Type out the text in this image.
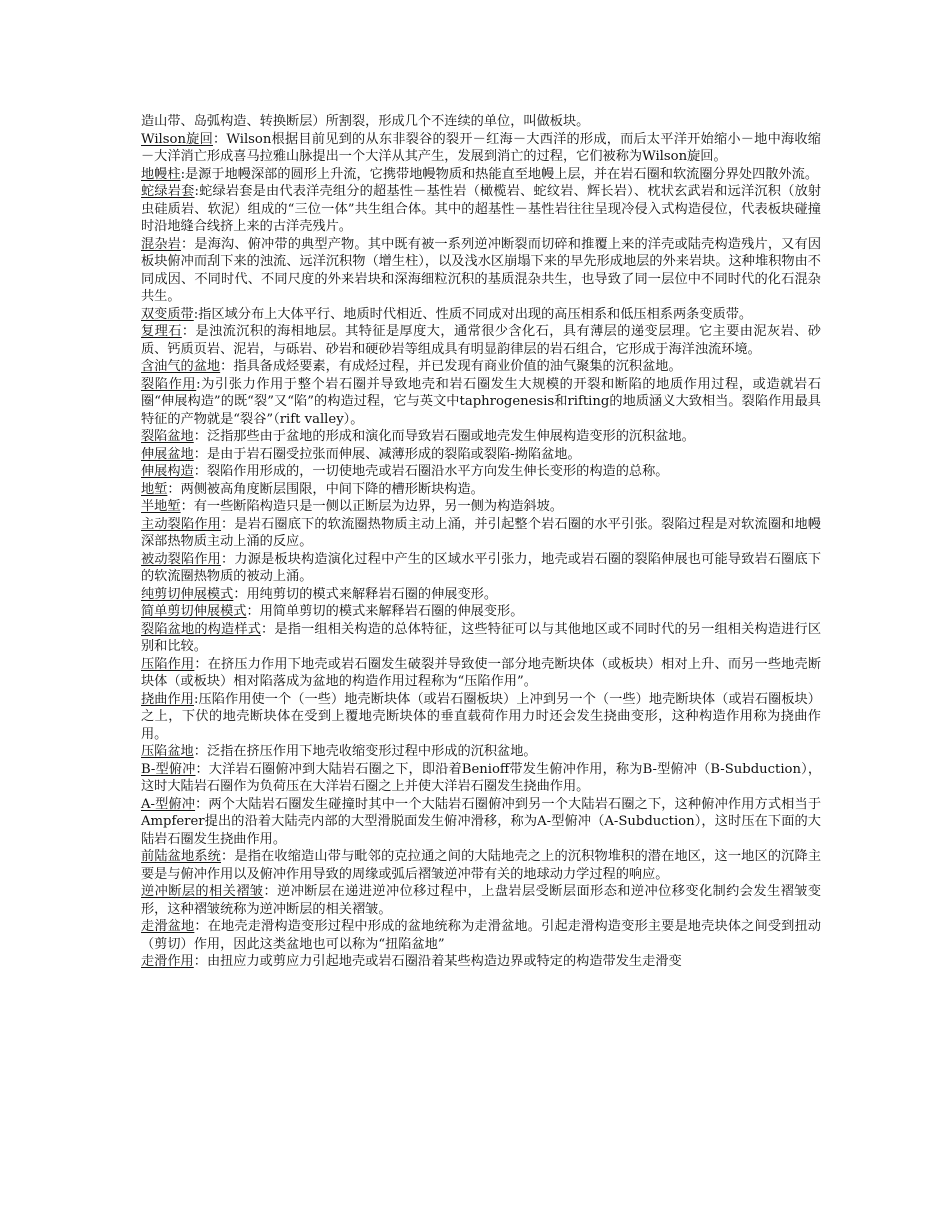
造山带、岛弧构造、转换断层）所割裂，形成几个不连续的单位，叫做板块。

Wilson旋回：Wilson根据目前见到的从东非裂谷的裂开－红海－大西洋的形成，而后太平洋开始缩小－地中海收缩－大洋消亡形成喜马拉雅山脉提出一个大洋从其产生，发展到消亡的过程，它们被称为Wilson旋回。

地幔柱:是源于地幔深部的圆形上升流，它携带地幔物质和热能直至地幔上层，并在岩石圈和软流圈分界处四散外流。

蛇绿岩套:蛇绿岩套是由代表洋壳组分的超基性－基性岩（橄榄岩、蛇纹岩、辉长岩）、枕状玄武岩和远洋沉积（放射虫硅质岩、软泥）组成的“三位一体”共生组合体。其中的超基性－基性岩往往呈现冷侵入式构造侵位，代表板块碰撞时沿地缝合线挤上来的古洋壳残片。

混杂岩：是海沟、俯冲带的典型产物。其中既有被一系列逆冲断裂而切碎和推覆上来的洋壳或陆壳构造残片，又有因板块俯冲而刮下来的浊流、远洋沉积物（增生柱），以及浅水区崩塌下来的早先形成地层的外来岩块。这种堆积物由不同成因、不同时代、不同尺度的外来岩块和深海细粒沉积的基质混杂共生，也导致了同一层位中不同时代的化石混杂共生。

双变质带:指区域分布上大体平行、地质时代相近、性质不同成对出现的高压相系和低压相系两条变质带。

复理石：是浊流沉积的海相地层。其特征是厚度大，通常很少含化石，具有薄层的递变层理。它主要由泥灰岩、砂质、钙质页岩、泥岩，与砾岩、砂岩和硬砂岩等组成具有明显韵律层的岩石组合，它形成于海洋浊流环境。

含油气的盆地：指具备成烃要素，有成烃过程，并已发现有商业价值的油气聚集的沉积盆地。

裂陷作用:为引张力作用于整个岩石圈并导致地壳和岩石圈发生大规模的开裂和断陷的地质作用过程，或造就岩石圈“伸展构造”的既“裂”又“陷”的构造过程，它与英文中taphrogenesis和rifting的地质涵义大致相当。裂陷作用最具特征的产物就是“裂谷”（rift valley）。

裂陷盆地：泛指那些由于盆地的形成和演化而导致岩石圈或地壳发生伸展构造变形的沉积盆地。

伸展盆地：是由于岩石圈受拉张而伸展、减薄形成的裂陷或裂陷-拗陷盆地。

伸展构造：裂陷作用形成的，一切使地壳或岩石圈沿水平方向发生伸长变形的构造的总称。

地堑：两侧被高角度断层围限，中间下降的槽形断块构造。

半地堑：有一些断陷构造只是一侧以正断层为边界，另一侧为构造斜坡。

主动裂陷作用：是岩石圈底下的软流圈热物质主动上涌，并引起整个岩石圈的水平引张。裂陷过程是对软流圈和地幔深部热物质主动上涌的反应。

被动裂陷作用：力源是板块构造演化过程中产生的区域水平引张力，地壳或岩石圈的裂陷伸展也可能导致岩石圈底下的软流圈热物质的被动上涌。

纯剪切伸展模式：用纯剪切的模式来解释岩石圈的伸展变形。

简单剪切伸展模式：用简单剪切的模式来解释岩石圈的伸展变形。

裂陷盆地的构造样式：是指一组相关构造的总体特征，这些特征可以与其他地区或不同时代的另一组相关构造进行区别和比较。

压陷作用：在挤压力作用下地壳或岩石圈发生破裂并导致使一部分地壳断块体（或板块）相对上升、而另一些地壳断块体（或板块）相对陷落成为盆地的构造作用过程称为“压陷作用”。

挠曲作用:压陷作用使一个（一些）地壳断块体（或岩石圈板块）上冲到另一个（一些）地壳断块体（或岩石圈板块）之上，下伏的地壳断块体在受到上覆地壳断块体的垂直载荷作用力时还会发生挠曲变形，这种构造作用称为挠曲作用。

压陷盆地：泛指在挤压作用下地壳收缩变形过程中形成的沉积盆地。

B-型俯冲：大洋岩石圈俯冲到大陆岩石圈之下，即沿着Benioff带发生俯冲作用，称为B-型俯冲（B-Subduction），这时大陆岩石圈作为负荷压在大洋岩石圈之上并使大洋岩石圈发生挠曲作用。

A-型俯冲：两个大陆岩石圈发生碰撞时其中一个大陆岩石圈俯冲到另一个大陆岩石圈之下，这种俯冲作用方式相当于Ampferer提出的沿着大陆壳内部的大型滑脱面发生俯冲滑移，称为A-型俯冲（A-Subduction），这时压在下面的大陆岩石圈发生挠曲作用。

前陆盆地系统：是指在收缩造山带与毗邻的克拉通之间的大陆地壳之上的沉积物堆积的潜在地区，这一地区的沉降主要是与俯冲作用以及俯冲作用导致的周缘或弧后褶皱逆冲带有关的地球动力学过程的响应。

逆冲断层的相关褶皱：逆冲断层在递进逆冲位移过程中，上盘岩层受断层面形态和逆冲位移变化制约会发生褶皱变形，这种褶皱统称为逆冲断层的相关褶皱。

走滑盆地：在地壳走滑构造变形过程中形成的盆地统称为走滑盆地。引起走滑构造变形主要是地壳块体之间受到扭动（剪切）作用，因此这类盆地也可以称为“扭陷盆地”

走滑作用：由扭应力或剪应力引起地壳或岩石圈沿着某些构造边界或特定的构造带发生走滑变
